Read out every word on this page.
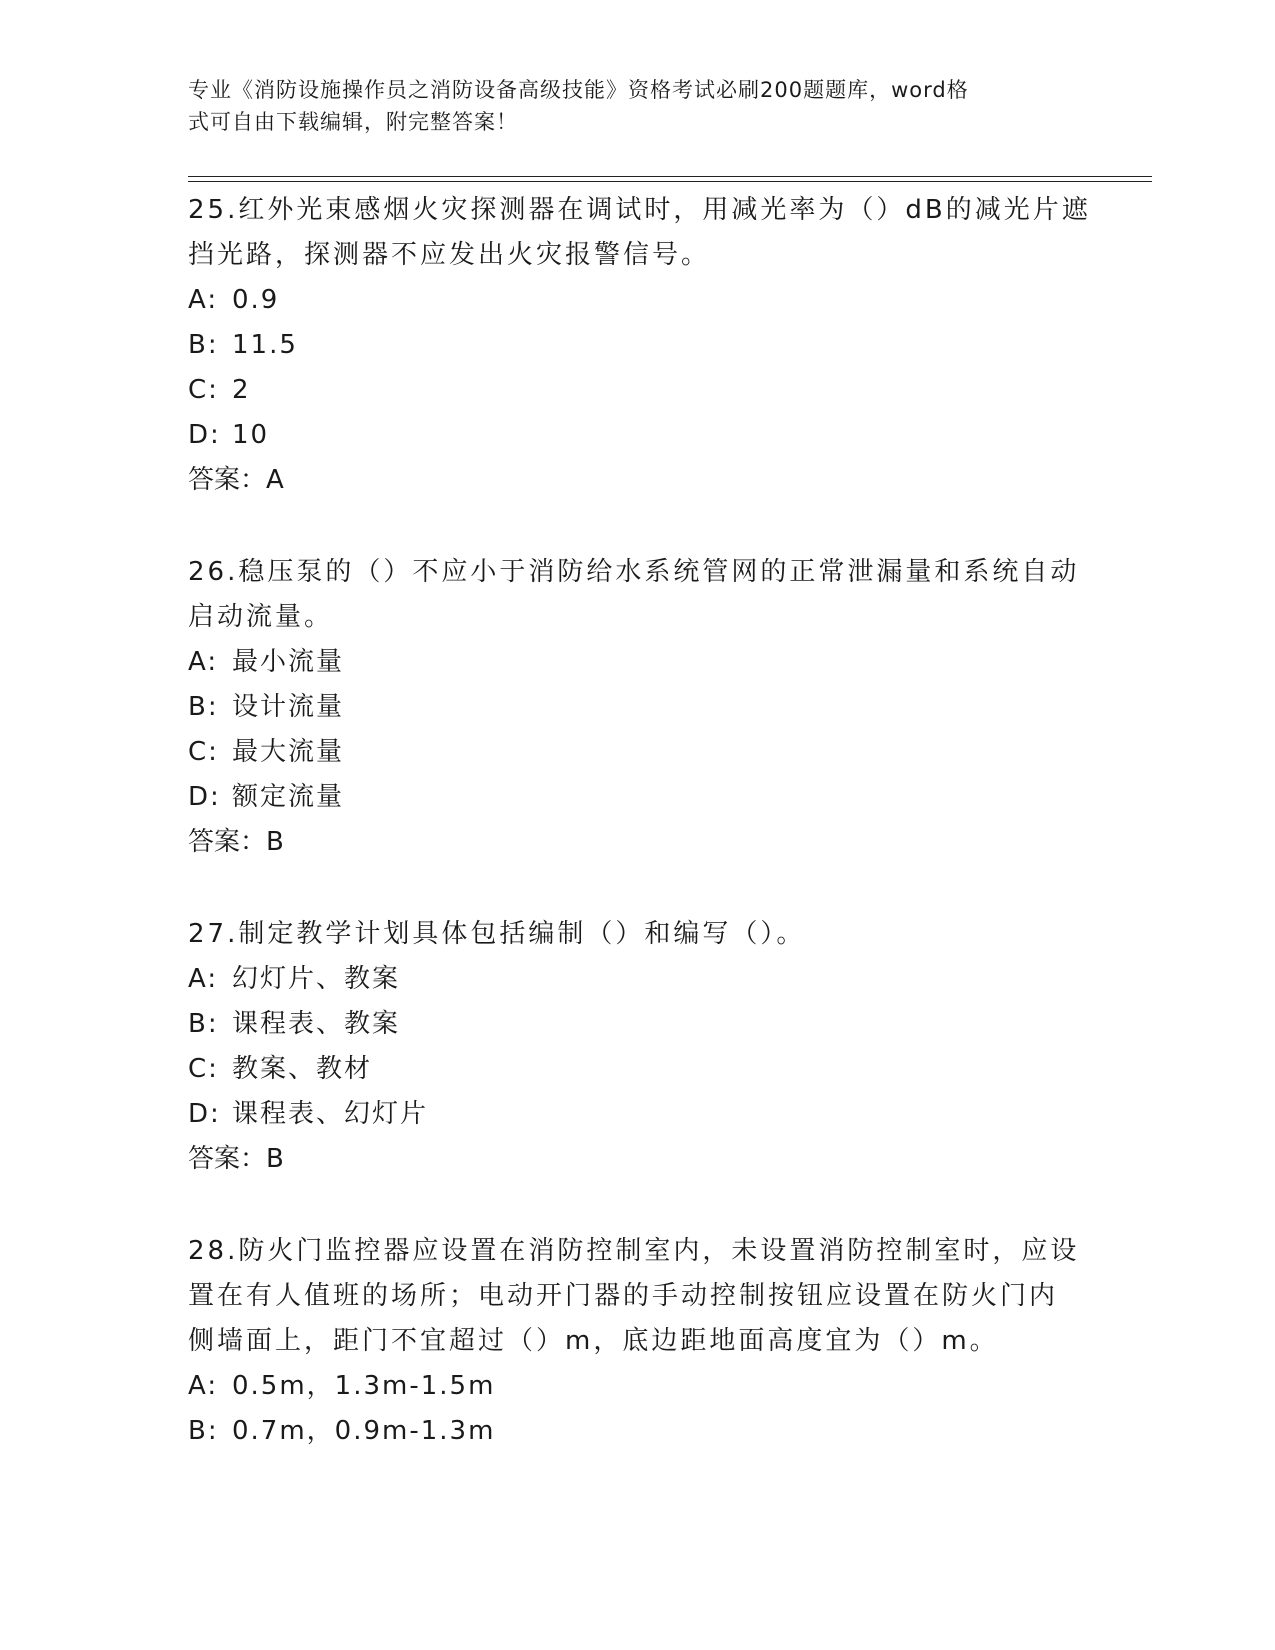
专业《消防设施操作员之消防设备高级技能》资格考试必刷200题题库，word格
式可自由下载编辑，附完整答案！
25.红外光束感烟火灾探测器在调试时，用减光率为（）dB的减光片遮
挡光路，探测器不应发出火灾报警信号。
A: 0.9
B: 11.5
C: 2
D: 10
答案：A
26.稳压泵的（）不应小于消防给水系统管网的正常泄漏量和系统自动
启动流量。
A: 最小流量
B: 设计流量
C: 最大流量
D: 额定流量
答案：B
27.制定教学计划具体包括编制（）和编写（）。
A: 幻灯片、教案
B: 课程表、教案
C: 教案、教材
D: 课程表、幻灯片
答案：B
28.防火门监控器应设置在消防控制室内，未设置消防控制室时，应设
置在有人值班的场所；电动开门器的手动控制按钮应设置在防火门内
侧墙面上，距门不宜超过（）m，底边距地面高度宜为（）m。
A: 0.5m，1.3m-1.5m
B: 0.7m，0.9m-1.3m
